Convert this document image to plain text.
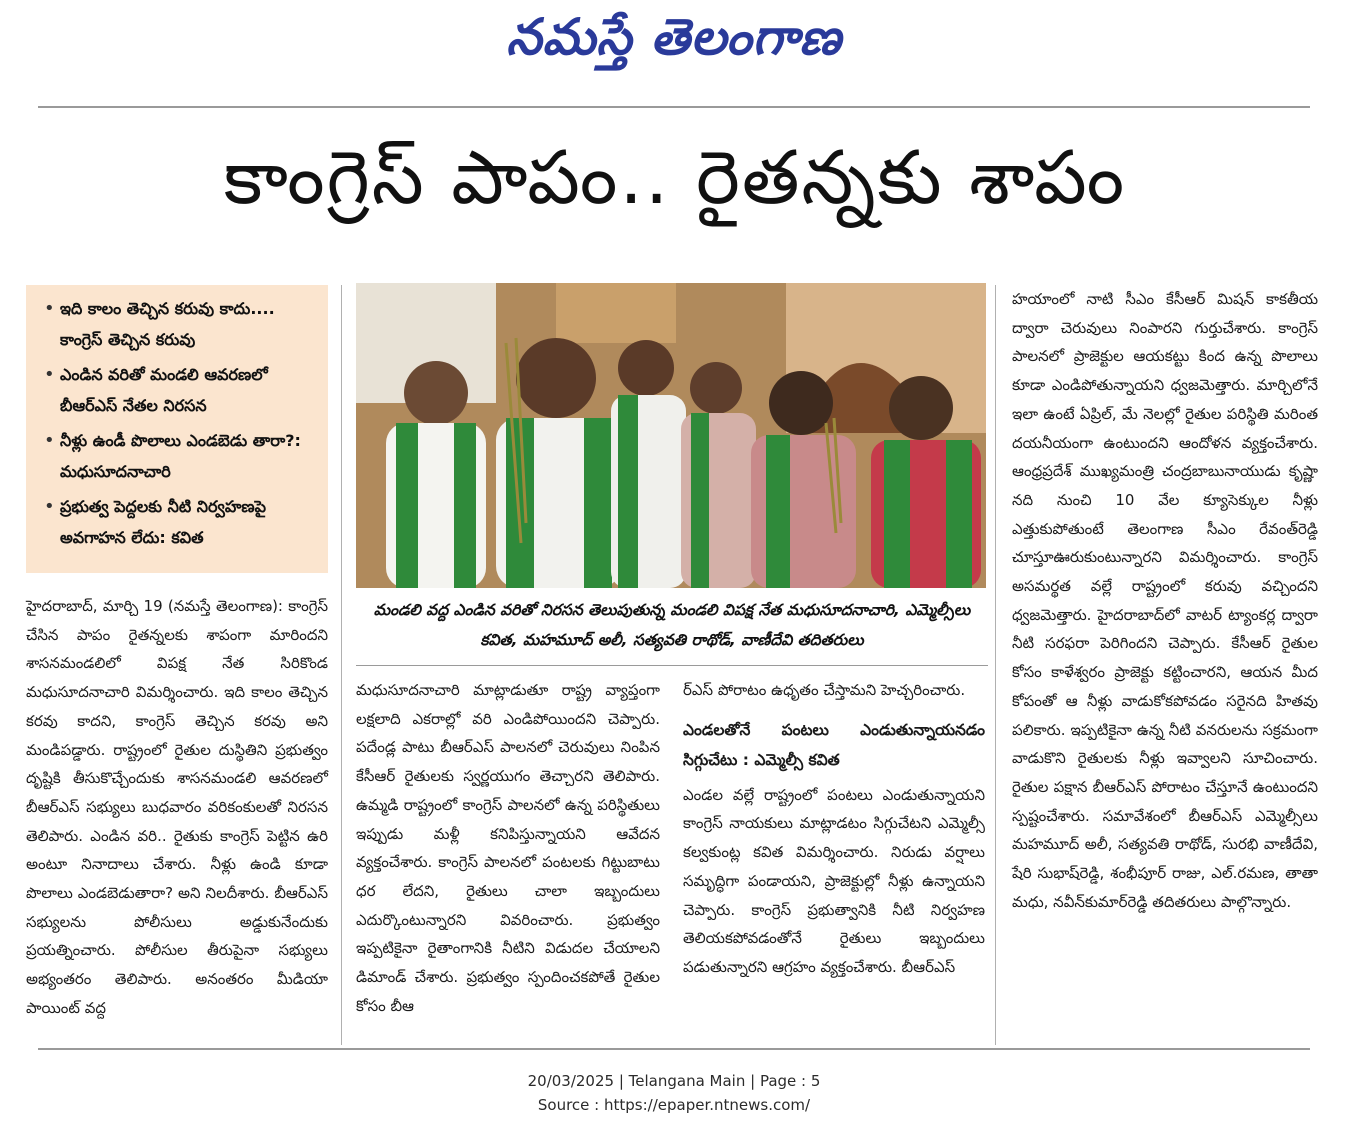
నమస్తే తెలంగాణ
కాంగ్రెస్ పాపం.. రైతన్నకు శాపం
• ఇది కాలం తెచ్చిన కరువు కాదు.... కాంగ్రెస్ తెచ్చిన కరువు
• ఎండిన వరితో మండలి ఆవరణలో బీఆర్ఎస్ నేతల నిరసన
• నీళ్లు ఉండీ పొలాలు ఎండబెడు తారా?: మధుసూదనాచారి
• ప్రభుత్వ పెద్దలకు నీటి నిర్వహణపై అవగాహన లేదు: కవిత
మండలి వద్ద ఎండిన వరితో నిరసన తెలుపుతున్న మండలి విపక్ష నేత మధుసూదనాచారి, ఎమ్మెల్సీలు కవిత, మహమూద్ అలీ, సత్యవతి రాథోడ్, వాణీదేవి తదితరులు

హైదరాబాద్, మార్చి 19 (నమస్తే తెలంగాణ): కాంగ్రెస్ చేసిన పాపం రైతన్నలకు శాపంగా మారిందని శాసనమండలిలో విపక్ష నేత సిరికొండ మధుసూదనాచారి విమర్శించారు. ఇది కాలం తెచ్చిన కరవు కాదని, కాంగ్రెస్ తెచ్చిన కరవు అని మండిపడ్డారు. రాష్ట్రంలో రైతుల దుస్థితిని ప్రభుత్వం దృష్టికి తీసుకొచ్చేందుకు శాసనమండలి ఆవరణలో బీఆర్ఎస్ సభ్యులు బుధవారం వరికంకులతో నిరసన తెలిపారు. ఎండిన వరి.. రైతుకు కాంగ్రెస్ పెట్టిన ఉరి అంటూ నినాదాలు చేశారు. నీళ్లు ఉండి కూడా పొలాలు ఎండబెడుతారా? అని నిలదీశారు. బీఆర్ఎస్ సభ్యులను పోలీసులు అడ్డుకునేందుకు ప్రయత్నించారు. పోలీసుల తీరుపైనా సభ్యులు అభ్యంతరం తెలిపారు. అనంతరం మీడియా పాయింట్ వద్ద

మధుసూదనాచారి మాట్లాడుతూ రాష్ట్ర వ్యాప్తంగా లక్షలాది ఎకరాల్లో వరి ఎండిపోయిందని చెప్పారు. పదేండ్ల పాటు బీఆర్ఎస్ పాలనలో చెరువులు నింపిన కేసీఆర్ రైతులకు స్వర్ణయుగం తెచ్చారని తెలిపారు. ఉమ్మడి రాష్ట్రంలో కాంగ్రెస్ పాలనలో ఉన్న పరిస్థితులు ఇప్పుడు మళ్లీ కనిపిస్తున్నాయని ఆవేదన వ్యక్తంచేశారు. కాంగ్రెస్ పాలనలో పంటలకు గిట్టుబాటు ధర లేదని, రైతులు చాలా ఇబ్బందులు ఎదుర్కొంటున్నారని వివరించారు. ప్రభుత్వం ఇప్పటికైనా రైతాంగానికి నీటిని విడుదల చేయాలని డిమాండ్ చేశారు. ప్రభుత్వం స్పందించకపోతే రైతుల కోసం బీఆ

ర్ఎస్ పోరాటం ఉధృతం చేస్తామని హెచ్చరించారు.

ఎండలతోనే పంటలు ఎండుతున్నాయనడం సిగ్గుచేటు : ఎమ్మెల్సీ కవిత

ఎండల వల్లే రాష్ట్రంలో పంటలు ఎండుతున్నాయని కాంగ్రెస్ నాయకులు మాట్లాడటం సిగ్గుచేటని ఎమ్మెల్సీ కల్వకుంట్ల కవిత విమర్శించారు. నిరుడు వర్షాలు సమృద్ధిగా పండాయని, ప్రాజెక్టుల్లో నీళ్లు ఉన్నాయని చెప్పారు. కాంగ్రెస్ ప్రభుత్వానికి నీటి నిర్వహణ తెలియకపోవడంతోనే రైతులు ఇబ్బందులు పడుతున్నారని ఆగ్రహం వ్యక్తంచేశారు. బీఆర్ఎస్

హయాంలో నాటి సీఎం కేసీఆర్ మిషన్ కాకతీయ ద్వారా చెరువులు నింపారని గుర్తుచేశారు. కాంగ్రెస్ పాలనలో ప్రాజెక్టుల ఆయకట్టు కింద ఉన్న పొలాలు కూడా ఎండిపోతున్నాయని ధ్వజమెత్తారు. మార్చిలోనే ఇలా ఉంటే ఏప్రిల్, మే నెలల్లో రైతుల పరిస్థితి మరింత దయనీయంగా ఉంటుందని ఆందోళన వ్యక్తంచేశారు. ఆంధ్రప్రదేశ్ ముఖ్యమంత్రి చంద్రబాబునాయుడు కృష్ణా నది నుంచి 10 వేల క్యూసెక్కుల నీళ్లు ఎత్తుకుపోతుంటే తెలంగాణ సీఎం రేవంత్‌రెడ్డి చూస్తూఊరుకుంటున్నారని విమర్శించారు. కాంగ్రెస్ అసమర్థత వల్లే రాష్ట్రంలో కరువు వచ్చిందని ధ్వజమెత్తారు. హైదరాబాద్‌లో వాటర్ ట్యాంకర్ల ద్వారా నీటి సరఫరా పెరిగిందని చెప్పారు. కేసీఆర్ రైతుల కోసం కాళేశ్వరం ప్రాజెక్టు కట్టించారని, ఆయన మీద కోపంతో ఆ నీళ్లు వాడుకోకపోవడం సరైనది హితవు పలికారు. ఇప్పటికైనా ఉన్న నీటి వనరులను సక్రమంగా వాడుకొని రైతులకు నీళ్లు ఇవ్వాలని సూచించారు. రైతుల పక్షాన బీఆర్ఎస్ పోరాటం చేస్తూనే ఉంటుందని స్పష్టంచేశారు. సమావేశంలో బీఆర్ఎస్ ఎమ్మెల్సీలు మహమూద్ అలీ, సత్యవతి రాథోడ్, సురభి వాణీదేవి, షేరి సుభాష్‌రెడ్డి, శంభీపూర్ రాజు, ఎల్.రమణ, తాతా మధు, నవీన్‌కుమార్‌రెడ్డి తదితరులు పాల్గొన్నారు.

20/03/2025 | Telangana Main | Page : 5
Source : https://epaper.ntnews.com/
